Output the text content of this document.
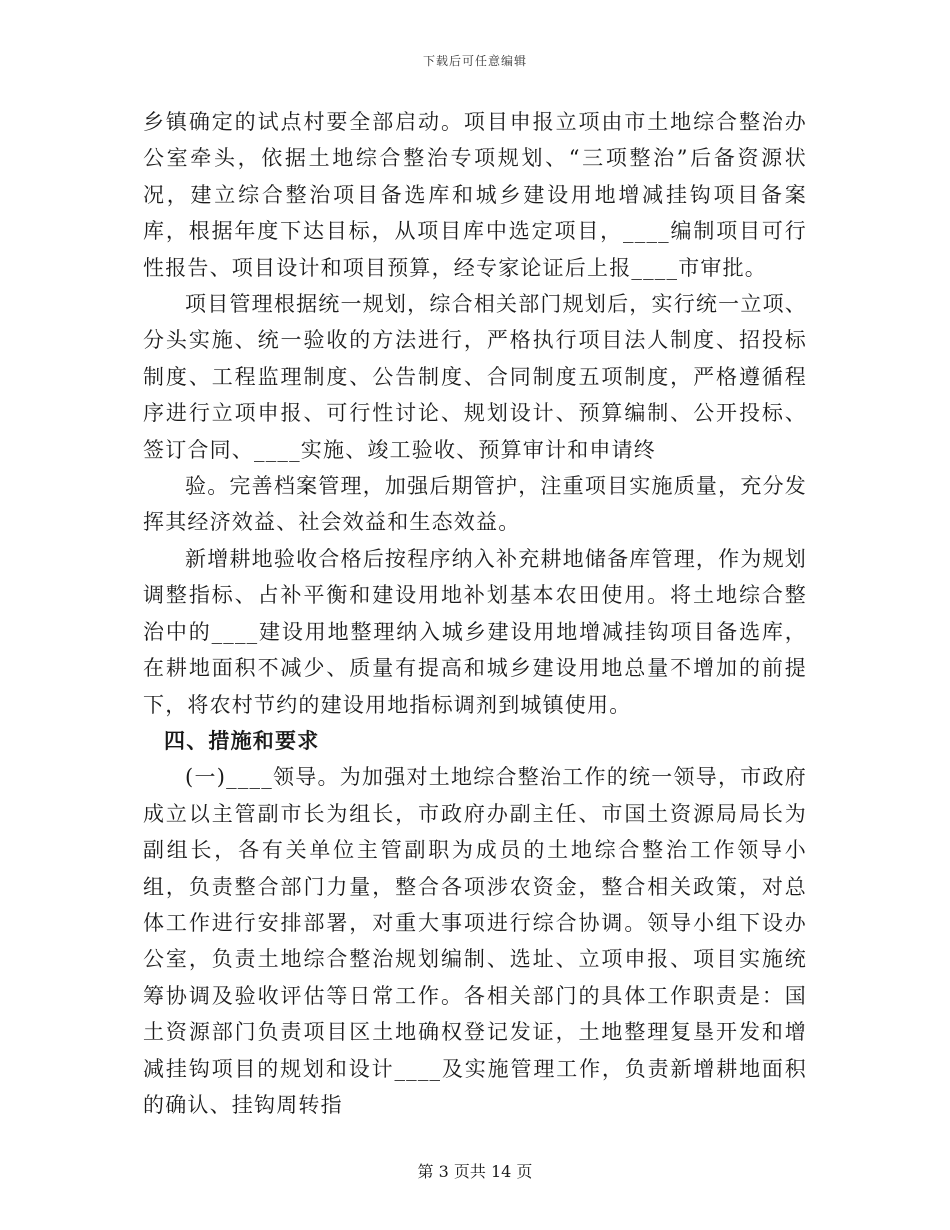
下载后可任意编辑

乡镇确定的试点村要全部启动。项目申报立项由市土地综合整治办公室牵头，依据土地综合整治专项规划、“三项整治”后备资源状况，建立综合整治项目备选库和城乡建设用地增减挂钩项目备案库，根据年度下达目标，从项目库中选定项目，____编制项目可行性报告、项目设计和项目预算，经专家论证后上报____市审批。

项目管理根据统一规划，综合相关部门规划后，实行统一立项、分头实施、统一验收的方法进行，严格执行项目法人制度、招投标制度、工程监理制度、公告制度、合同制度五项制度，严格遵循程序进行立项申报、可行性讨论、规划设计、预算编制、公开投标、签订合同、____实施、竣工验收、预算审计和申请终

验。完善档案管理，加强后期管护，注重项目实施质量，充分发挥其经济效益、社会效益和生态效益。

新增耕地验收合格后按程序纳入补充耕地储备库管理，作为规划调整指标、占补平衡和建设用地补划基本农田使用。将土地综合整治中的____建设用地整理纳入城乡建设用地增减挂钩项目备选库，在耕地面积不减少、质量有提高和城乡建设用地总量不增加的前提下，将农村节约的建设用地指标调剂到城镇使用。

四、措施和要求

(一)____领导。为加强对土地综合整治工作的统一领导，市政府成立以主管副市长为组长，市政府办副主任、市国土资源局局长为副组长，各有关单位主管副职为成员的土地综合整治工作领导小组，负责整合部门力量，整合各项涉农资金，整合相关政策，对总体工作进行安排部署，对重大事项进行综合协调。领导小组下设办公室，负责土地综合整治规划编制、选址、立项申报、项目实施统筹协调及验收评估等日常工作。各相关部门的具体工作职责是：国土资源部门负责项目区土地确权登记发证，土地整理复垦开发和增减挂钩项目的规划和设计____及实施管理工作，负责新增耕地面积的确认、挂钩周转指

第 3 页共 14 页
